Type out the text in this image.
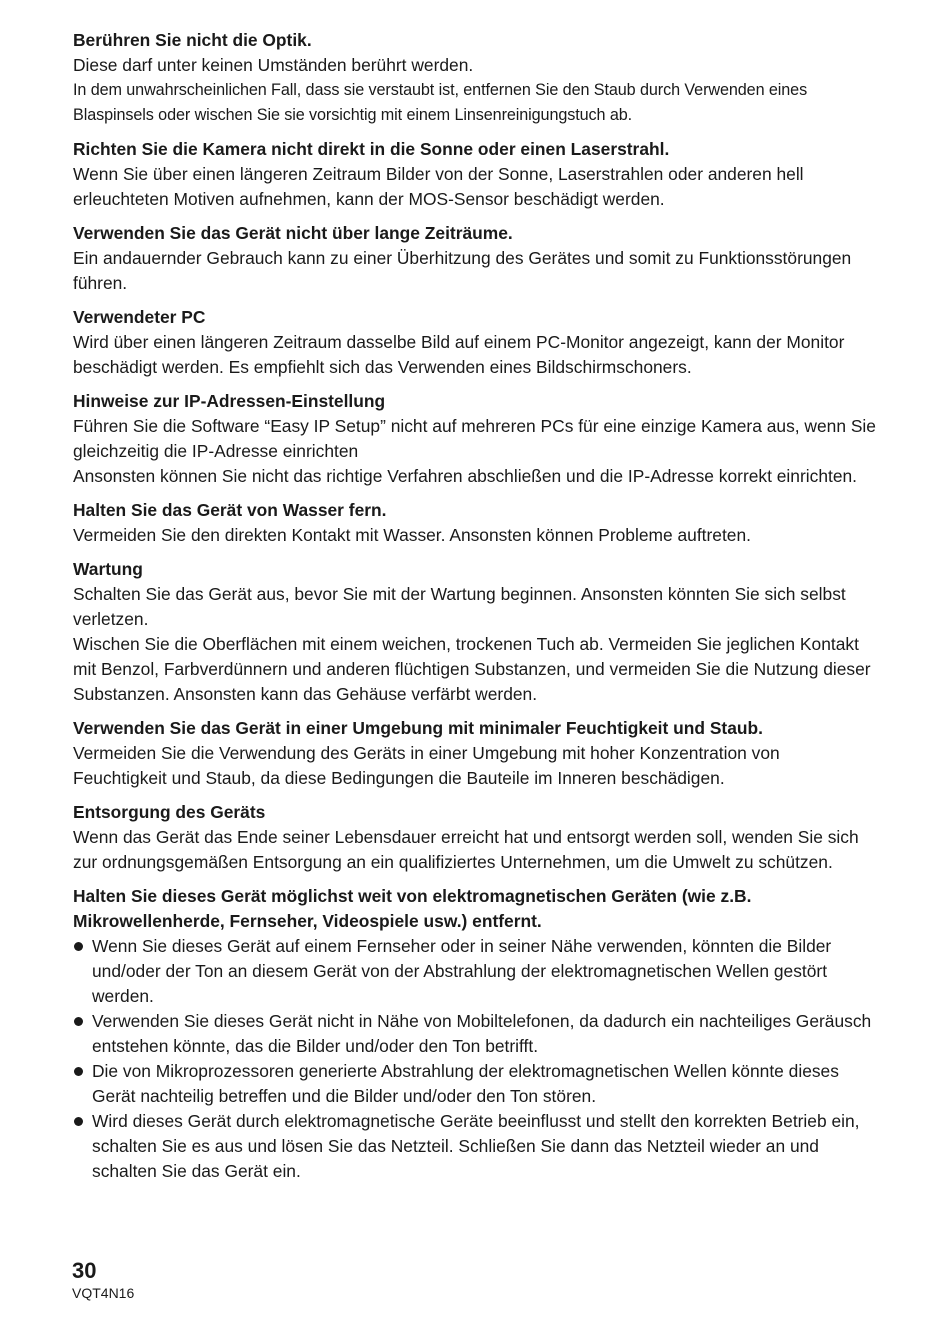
Berühren Sie nicht die Optik.

Diese darf unter keinen Umständen berührt werden.

In dem unwahrscheinlichen Fall, dass sie verstaubt ist, entfernen Sie den Staub durch Verwenden eines Blaspinsels oder wischen Sie sie vorsichtig mit einem Linsenreinigungstuch ab.

Richten Sie die Kamera nicht direkt in die Sonne oder einen Laserstrahl.

Wenn Sie über einen längeren Zeitraum Bilder von der Sonne, Laserstrahlen oder anderen hell erleuchteten Motiven aufnehmen, kann der MOS-Sensor beschädigt werden.

Verwenden Sie das Gerät nicht über lange Zeiträume.

Ein andauernder Gebrauch kann zu einer Überhitzung des Gerätes und somit zu Funktionsstörungen führen.

Verwendeter PC

Wird über einen längeren Zeitraum dasselbe Bild auf einem PC-Monitor angezeigt, kann der Monitor beschädigt werden. Es empfiehlt sich das Verwenden eines Bildschirmschoners.

Hinweise zur IP-Adressen-Einstellung

Führen Sie die Software “Easy IP Setup” nicht auf mehreren PCs für eine einzige Kamera aus, wenn Sie gleichzeitig die IP-Adresse einrichten

Ansonsten können Sie nicht das richtige Verfahren abschließen und die IP-Adresse korrekt einrichten.

Halten Sie das Gerät von Wasser fern.

Vermeiden Sie den direkten Kontakt mit Wasser. Ansonsten können Probleme auftreten.

Wartung

Schalten Sie das Gerät aus, bevor Sie mit der Wartung beginnen. Ansonsten könnten Sie sich selbst verletzen.

Wischen Sie die Oberflächen mit einem weichen, trockenen Tuch ab. Vermeiden Sie jeglichen Kontakt mit Benzol, Farbverdünnern und anderen flüchtigen Substanzen, und vermeiden Sie die Nutzung dieser Substanzen. Ansonsten kann das Gehäuse verfärbt werden.

Verwenden Sie das Gerät in einer Umgebung mit minimaler Feuchtigkeit und Staub.

Vermeiden Sie die Verwendung des Geräts in einer Umgebung mit hoher Konzentration von Feuchtigkeit und Staub, da diese Bedingungen die Bauteile im Inneren beschädigen.

Entsorgung des Geräts

Wenn das Gerät das Ende seiner Lebensdauer erreicht hat und entsorgt werden soll, wenden Sie sich zur ordnungsgemäßen Entsorgung an ein qualifiziertes Unternehmen, um die Umwelt zu schützen.

Halten Sie dieses Gerät möglichst weit von elektromagnetischen Geräten (wie z.B. Mikrowellenherde, Fernseher, Videospiele usw.) entfernt.

Wenn Sie dieses Gerät auf einem Fernseher oder in seiner Nähe verwenden, könnten die Bilder und/oder der Ton an diesem Gerät von der Abstrahlung der elektromagnetischen Wellen gestört werden.
Verwenden Sie dieses Gerät nicht in Nähe von Mobiltelefonen, da dadurch ein nachteiliges Geräusch entstehen könnte, das die Bilder und/oder den Ton betrifft.
Die von Mikroprozessoren generierte Abstrahlung der elektromagnetischen Wellen könnte dieses Gerät nachteilig betreffen und die Bilder und/oder den Ton stören.
Wird dieses Gerät durch elektromagnetische Geräte beeinflusst und stellt den korrekten Betrieb ein, schalten Sie es aus und lösen Sie das Netzteil. Schließen Sie dann das Netzteil wieder an und schalten Sie das Gerät ein.
30
VQT4N16
